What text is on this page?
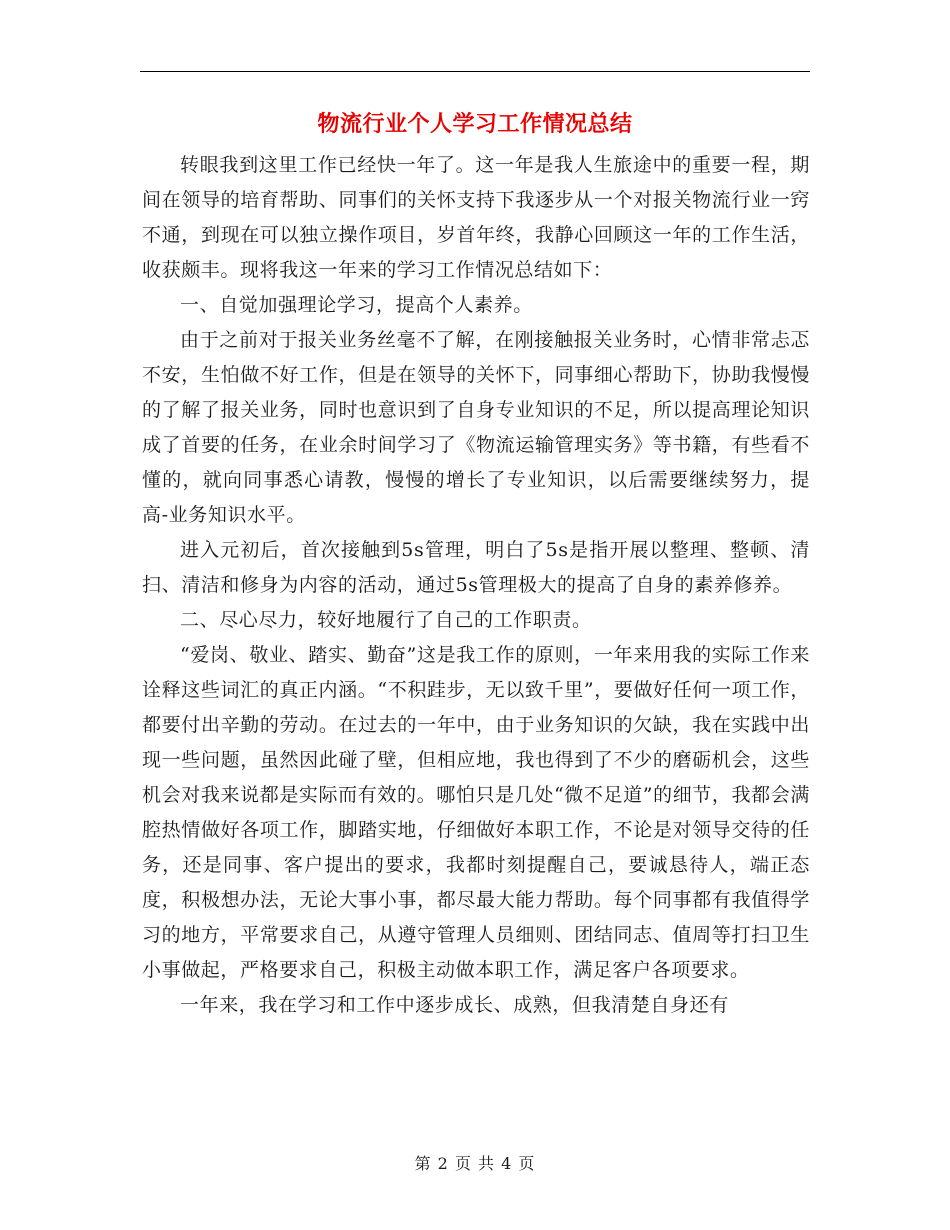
物流行业个人学习工作情况总结

转眼我到这里工作已经快一年了。这一年是我人生旅途中的重要一程，期间在领导的培育帮助、同事们的关怀支持下我逐步从一个对报关物流行业一窍不通，到现在可以独立操作项目，岁首年终，我静心回顾这一年的工作生活，收获颇丰。现将我这一年来的学习工作情况总结如下：

一、自觉加强理论学习，提高个人素养。

由于之前对于报关业务丝毫不了解，在刚接触报关业务时，心情非常忐忑不安，生怕做不好工作，但是在领导的关怀下，同事细心帮助下，协助我慢慢的了解了报关业务，同时也意识到了自身专业知识的不足，所以提高理论知识成了首要的任务，在业余时间学习了《物流运输管理实务》等书籍，有些看不懂的，就向同事悉心请教，慢慢的增长了专业知识，以后需要继续努力，提高-业务知识水平。

进入元初后，首次接触到5s管理，明白了5s是指开展以整理、整顿、清扫、清洁和修身为内容的活动，通过5s管理极大的提高了自身的素养修养。

二、尽心尽力，较好地履行了自己的工作职责。

“爱岗、敬业、踏实、勤奋”这是我工作的原则，一年来用我的实际工作来诠释这些词汇的真正内涵。“不积跬步，无以致千里”，要做好任何一项工作，都要付出辛勤的劳动。在过去的一年中，由于业务知识的欠缺，我在实践中出现一些问题，虽然因此碰了壁，但相应地，我也得到了不少的磨砺机会，这些机会对我来说都是实际而有效的。哪怕只是几处“微不足道”的细节，我都会满腔热情做好各项工作，脚踏实地，仔细做好本职工作，不论是对领导交待的任务，还是同事、客户提出的要求，我都时刻提醒自己，要诚恳待人，端正态度，积极想办法，无论大事小事，都尽最大能力帮助。每个同事都有我值得学习的地方，平常要求自己，从遵守管理人员细则、团结同志、值周等打扫卫生小事做起，严格要求自己，积极主动做本职工作，满足客户各项要求。

一年来，我在学习和工作中逐步成长、成熟，但我清楚自身还有

第 2 页 共 4 页
